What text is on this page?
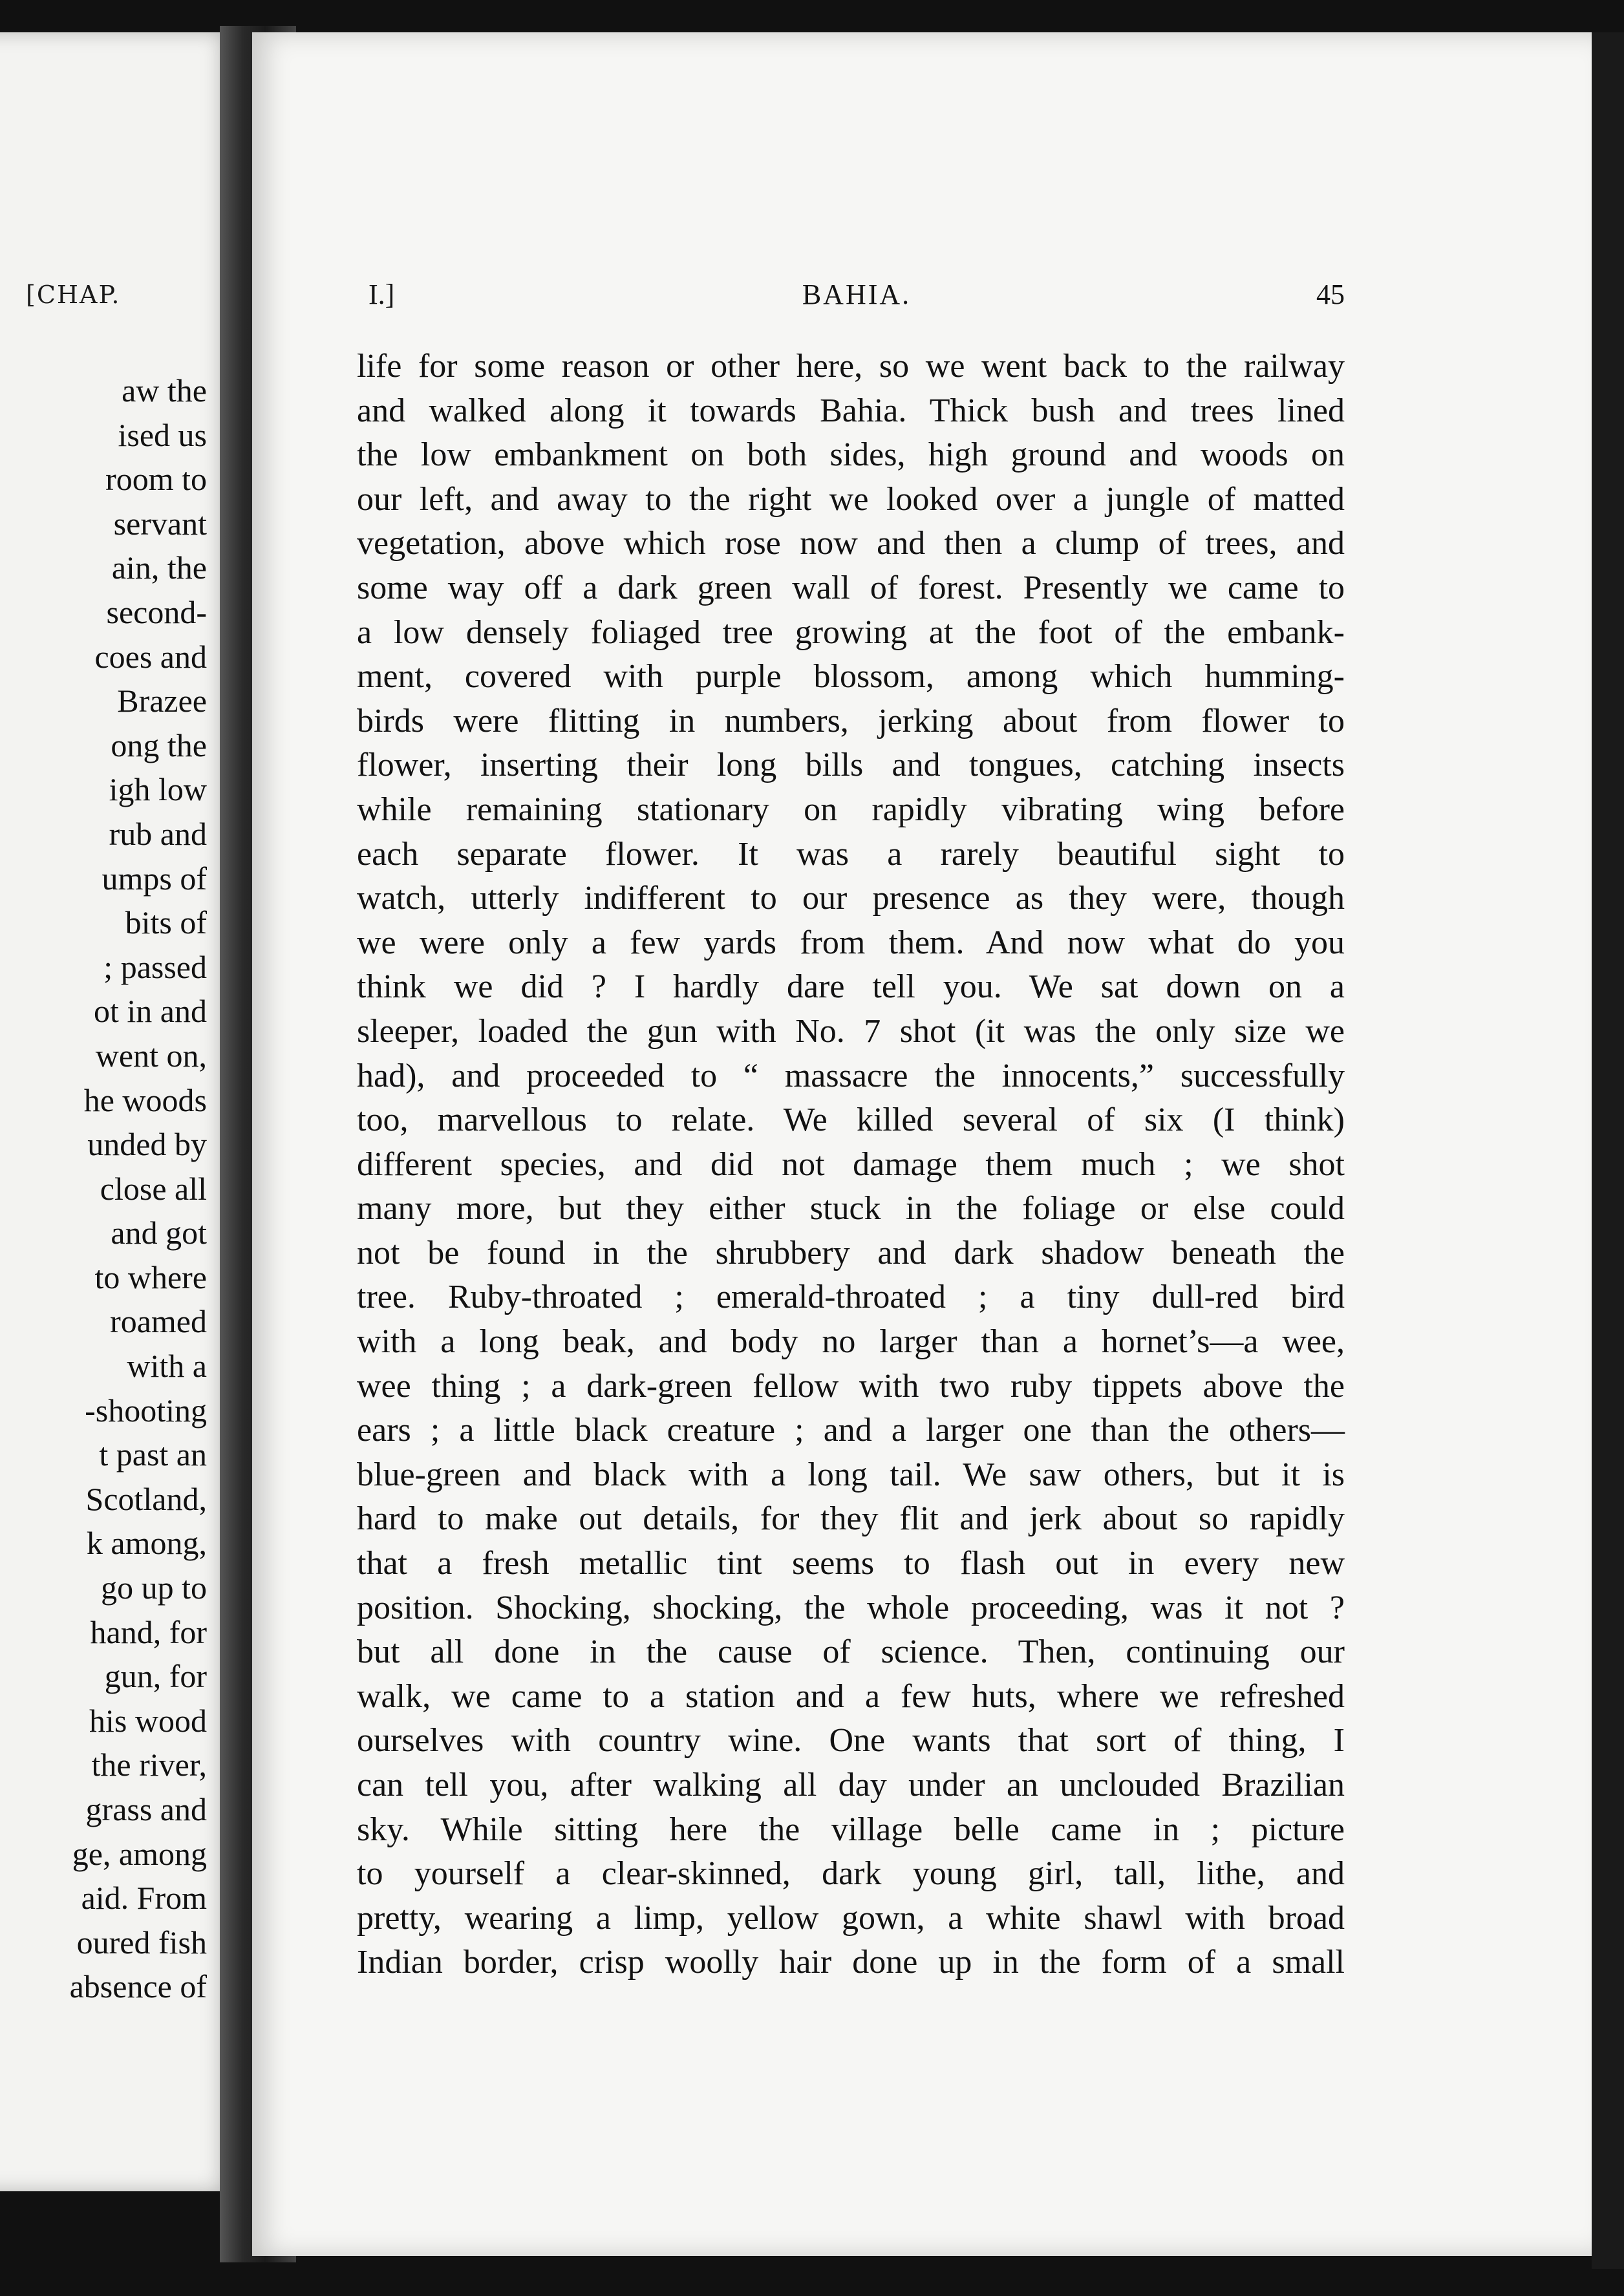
[CHAP.
aw the
ised us
room to
servant
ain, the
second-
coes and
Brazee
ong the
igh low
rub and
umps of
bits of
; passed
ot in and
went on,
he woods
unded by
close all
and got
to where
roamed
with a
-shooting
t past an
Scotland,
k among,
go up to
hand, for
gun, for
his wood
the river,
grass and
ge, among
aid. From
oured fish
absence of
I.]	BAHIA.	45
life for some reason or other here, so we went back to the railway
and walked along it towards Bahia. Thick bush and trees lined
the low embankment on both sides, high ground and woods on
our left, and away to the right we looked over a jungle of matted
vegetation, above which rose now and then a clump of trees, and
some way off a dark green wall of forest. Presently we came to
a low densely foliaged tree growing at the foot of the embank-
ment, covered with purple blossom, among which humming-
birds were flitting in numbers, jerking about from flower to
flower, inserting their long bills and tongues, catching insects
while remaining stationary on rapidly vibrating wing before
each separate flower. It was a rarely beautiful sight to
watch, utterly indifferent to our presence as they were, though
we were only a few yards from them. And now what do you
think we did ? I hardly dare tell you. We sat down on a
sleeper, loaded the gun with No. 7 shot (it was the only size we
had), and proceeded to “ massacre the innocents,” successfully
too, marvellous to relate. We killed several of six (I think)
different species, and did not damage them much ; we shot
many more, but they either stuck in the foliage or else could
not be found in the shrubbery and dark shadow beneath the
tree. Ruby-throated ; emerald-throated ; a tiny dull-red bird
with a long beak, and body no larger than a hornet’s—a wee,
wee thing ; a dark-green fellow with two ruby tippets above the
ears ; a little black creature ; and a larger one than the others—
blue-green and black with a long tail. We saw others, but it is
hard to make out details, for they flit and jerk about so rapidly
that a fresh metallic tint seems to flash out in every new
position. Shocking, shocking, the whole proceeding, was it not ?
but all done in the cause of science. Then, continuing our
walk, we came to a station and a few huts, where we refreshed
ourselves with country wine. One wants that sort of thing, I
can tell you, after walking all day under an unclouded Brazilian
sky. While sitting here the village belle came in ; picture
to yourself a clear-skinned, dark young girl, tall, lithe, and
pretty, wearing a limp, yellow gown, a white shawl with broad
Indian border, crisp woolly hair done up in the form of a small
